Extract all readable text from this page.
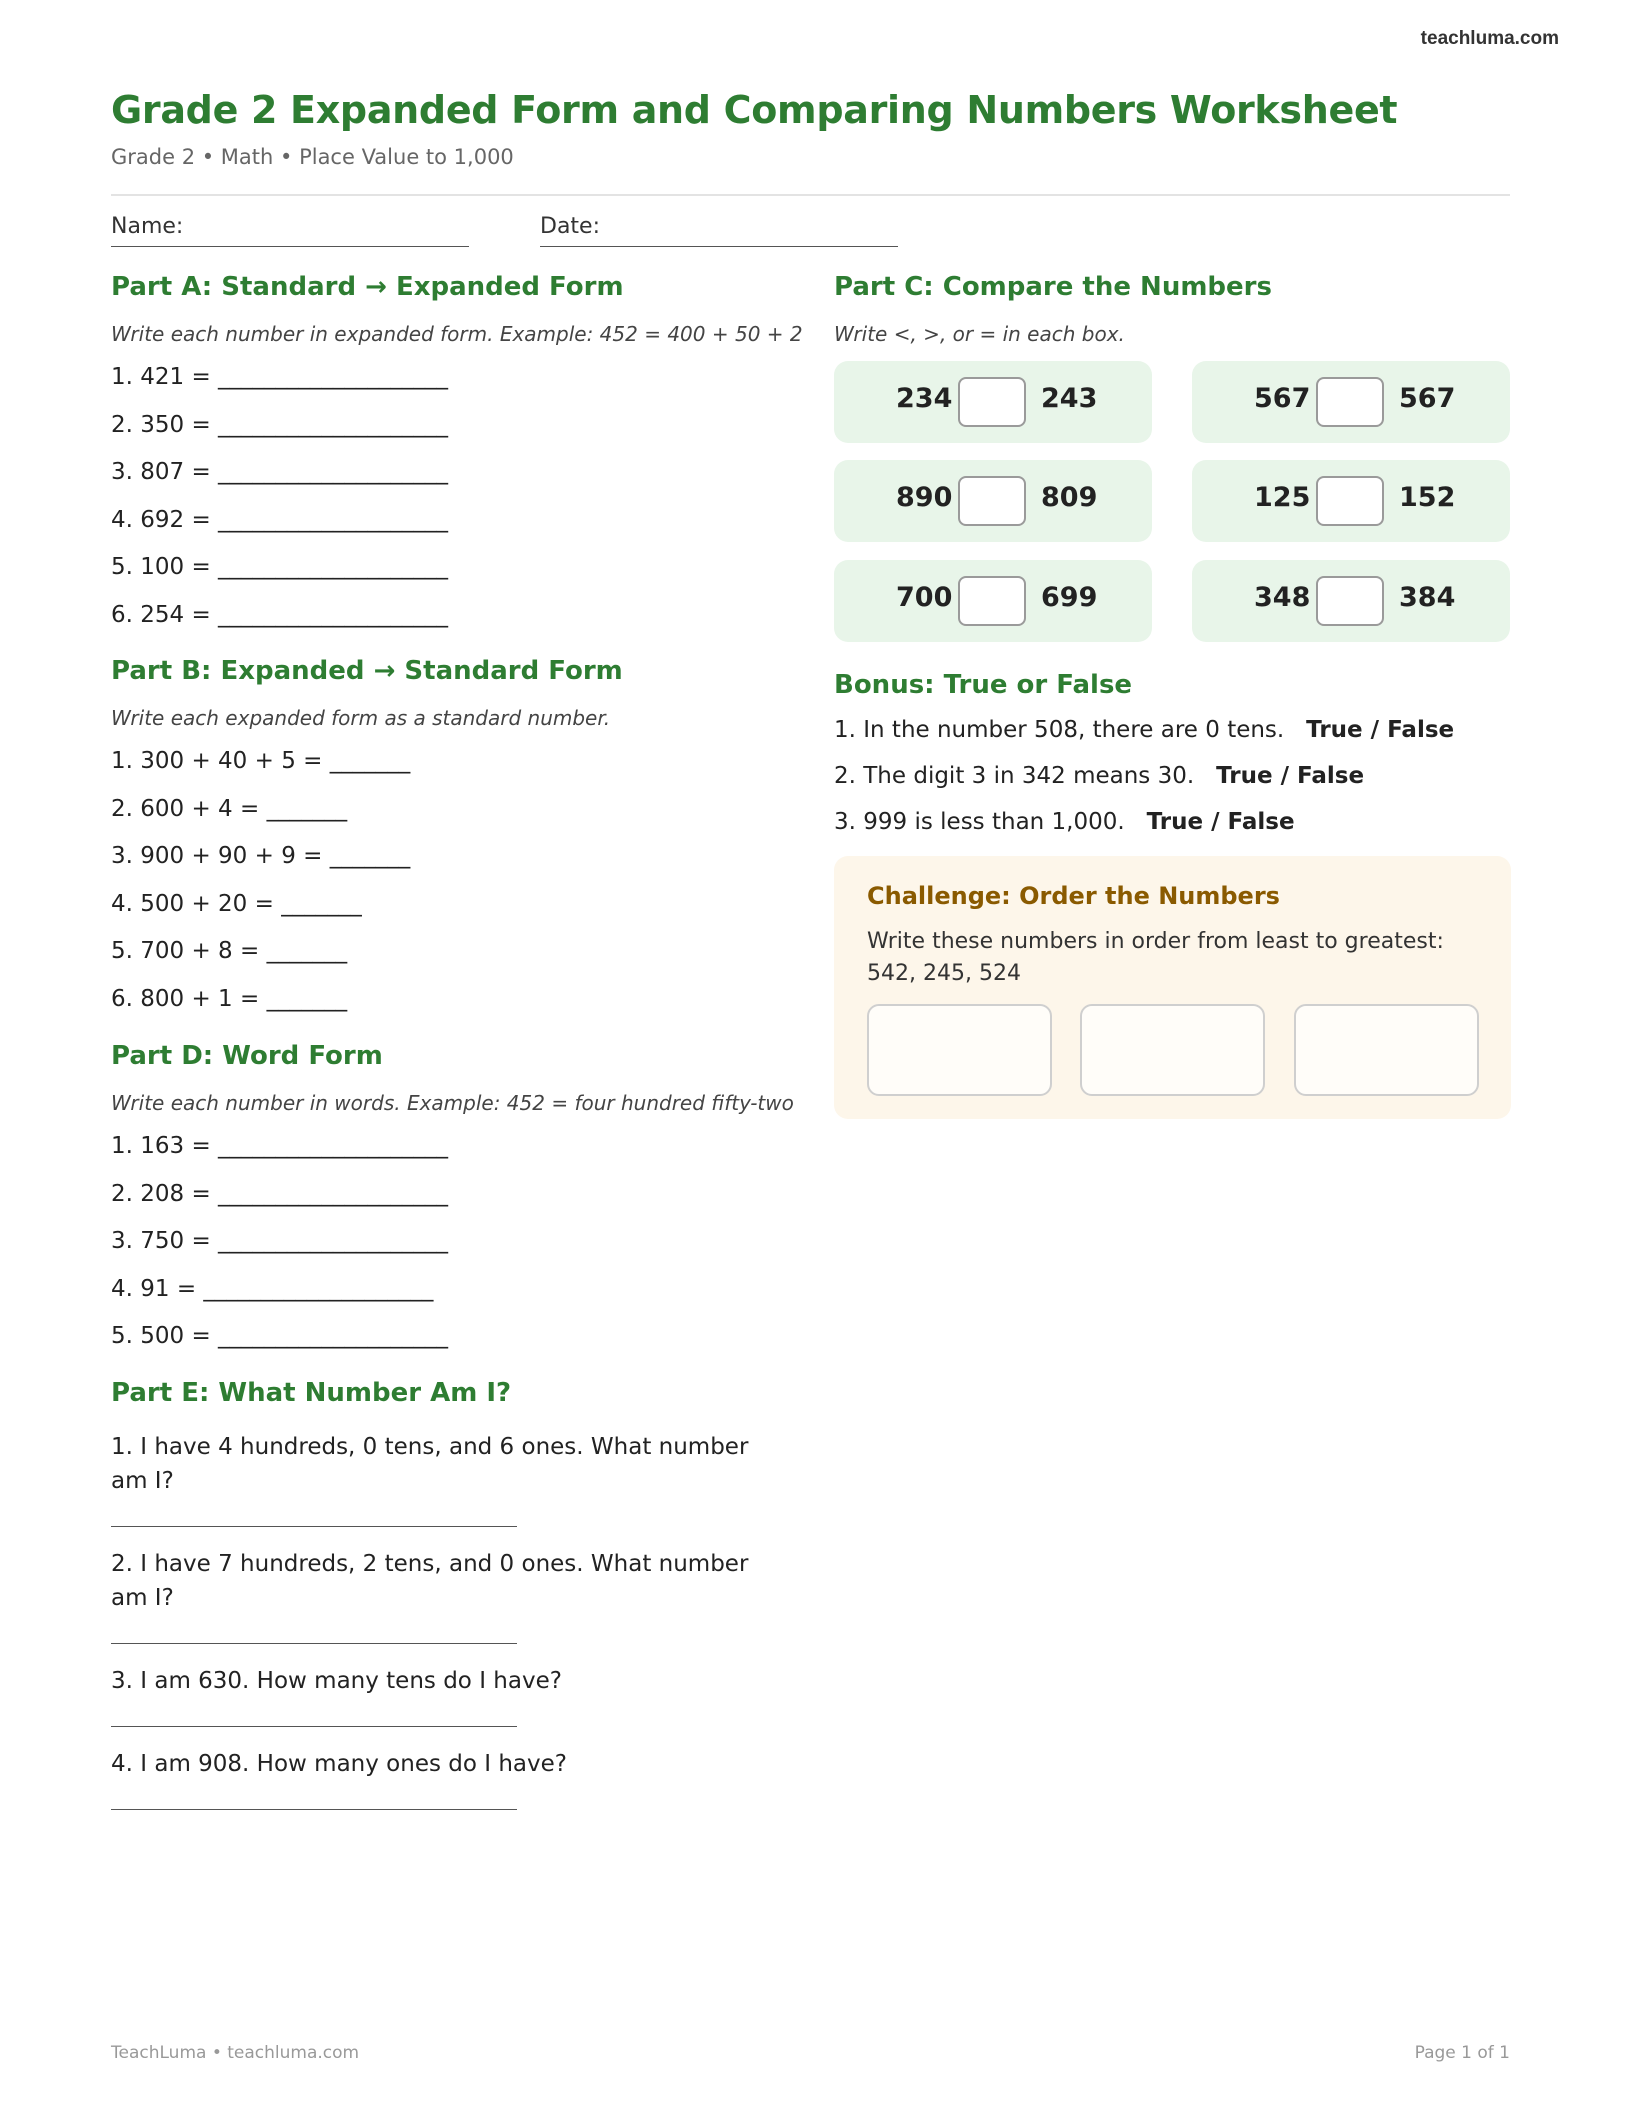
teachluma.com
Grade 2 Expanded Form and Comparing Numbers Worksheet
Grade 2 • Math • Place Value to 1,000
Name:	Date:
Part A: Standard → Expanded Form
Write each number in expanded form. Example: 452 = 400 + 50 + 2
1. 421 = ____________________
2. 350 = ____________________
3. 807 = ____________________
4. 692 = ____________________
5. 100 = ____________________
6. 254 = ____________________
Part B: Expanded → Standard Form
Write each expanded form as a standard number.
1. 300 + 40 + 5 = _______
2. 600 + 4 = _______
3. 900 + 90 + 9 = _______
4. 500 + 20 = _______
5. 700 + 8 = _______
6. 800 + 1 = _______
Part D: Word Form
Write each number in words. Example: 452 = four hundred fifty-two
1. 163 = ____________________
2. 208 = ____________________
3. 750 = ____________________
4. 91 = ____________________
5. 500 = ____________________
Part E: What Number Am I?
1. I have 4 hundreds, 0 tens, and 6 ones. What number am I?
2. I have 7 hundreds, 2 tens, and 0 ones. What number am I?
3. I am 630. How many tens do I have?
4. I am 908. How many ones do I have?
Part C: Compare the Numbers
Write <, >, or = in each box.
234	243	567	567
890	809	125	152
700	699	348	384
Bonus: True or False
1. In the number 508, there are 0 tens. True / False
2. The digit 3 in 342 means 30. True / False
3. 999 is less than 1,000. True / False
Challenge: Order the Numbers
Write these numbers in order from least to greatest: 542, 245, 524
TeachLuma • teachluma.com	Page 1 of 1
